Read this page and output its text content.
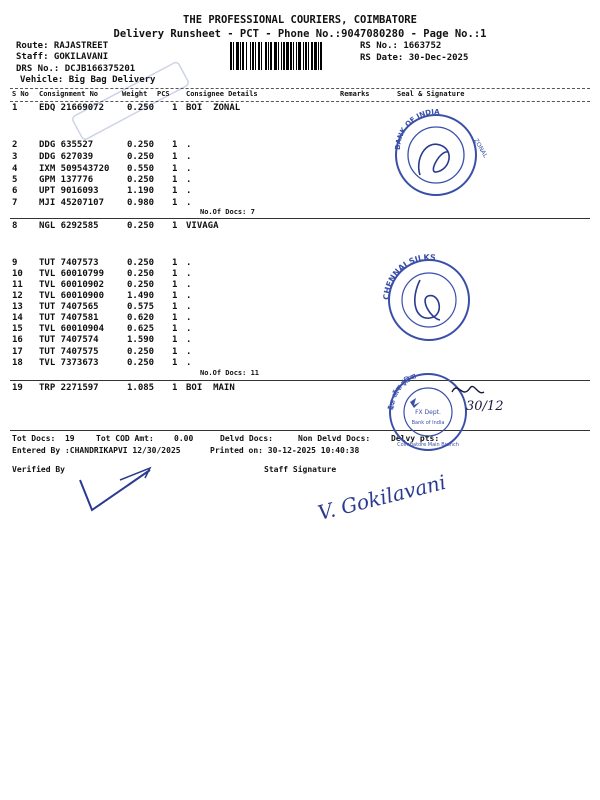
THE PROFESSIONAL COURIERS, COIMBATORE
Delivery Runsheet - PCT - Phone No.:9047080280 - Page No.:1
Route: RAJASTREET
Staff: GOKILAVANI
DRS No.: DCJB166375201
Vehicle: Big Bag Delivery
RS No.: 1663752
RS Date: 30-Dec-2025
S No Consignment No	Weight PCS Consignee Details	Remarks	Seal & Signature
1 EDQ 21669072	0.250 1 BOI  ZONAL
2 DDG 635527	0.250 1 .
3 DDG 627039	0.250 1 .
4 IXM 509543720 0.550 1 .
5 GPM 137776	0.250 1 .
6 UPT 9016093	1.190 1 .
7 MJI 45207107	0.980 1 .
No.Of Docs: 7
8 NGL 6292585	0.250 1 VIVAGA
9 TUT 7407573	0.250 1 .
10 TVL 60010799	0.250 1 .
11 TVL 60010902	0.250 1 .
12 TVL 60010900	1.490 1 .
13 TUT 7407565	0.575 1 .
14 TUT 7407581	0.620 1 .
15 TVL 60010904	0.625 1 .
16 TUT 7407574	1.590 1 .
17 TUT 7407575	0.250 1 .
18 TVL 7373673	0.250 1 .
No.Of Docs: 11
19 TRP 2271597	1.085 1 BOI  MAIN
Tot Docs:  19	Tot COD Amt:	0.00	Delvd Docs:	Non Delvd Docs:	Delvy pts:
Entered By :CHANDRIKAPVI 12/30/2025	Printed on: 30-12-2025 10:40:38
Verified By	Staff Signature
BANK OF INDIA
ZONAL
CHENNAI SILKS
बैंक ऑफ इंडिया
FX Dept.
Bank of India
Coimbatore Main Branch
30/12
V. Gokilavani
